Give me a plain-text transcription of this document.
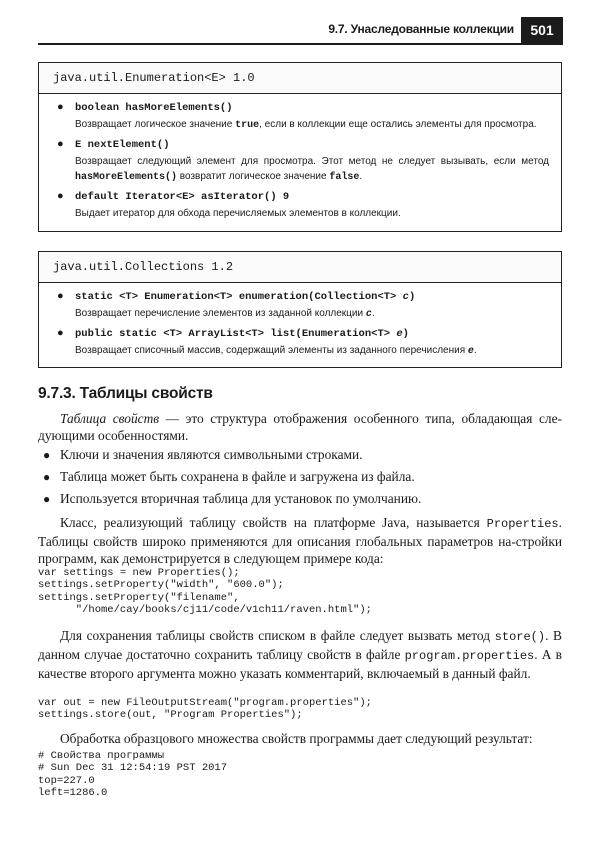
9.7. Унаследованные коллекции	501
java.util.Enumeration<E> 1.0
● boolean hasMoreElements()
Возвращает логическое значение true, если в коллекции еще остались элементы для просмотра.
● E nextElement()
Возвращает следующий элемент для просмотра. Этот метод не следует вызывать, если метод hasMoreElements() возвратит логическое значение false.
● default Iterator<E> asIterator() 9
Выдает итератор для обхода перечисляемых элементов в коллекции.
java.util.Collections 1.2
● static <T> Enumeration<T> enumeration(Collection<T> c)
Возвращает перечисление элементов из заданной коллекции с.
● public static <T> ArrayList<T> list(Enumeration<T> e)
Возвращает списочный массив, содержащий элементы из заданного перечисления e.
9.7.3. Таблицы свойств
Таблица свойств — это структура отображения особенного типа, обладающая сле-дующими особенностями.
● Ключи и значения являются символьными строками.
● Таблица может быть сохранена в файле и загружена из файла.
● Используется вторичная таблица для установок по умолчанию.
Класс, реализующий таблицу свойств на платформе Java, называется Properties. Таблицы свойств широко применяются для описания глобальных параметров на-стройки программ, как демонстрируется в следующем примере кода:
var settings = new Properties();
settings.setProperty("width", "600.0");
settings.setProperty("filename",
"/home/cay/books/cj11/code/v1ch11/raven.html");
Для сохранения таблицы свойств списком в файле следует вызвать метод store(). В данном случае достаточно сохранить таблицу свойств в файле program.properties. А в качестве второго аргумента можно указать комментарий, включаемый в данный файл.
var out = new FileOutputStream("program.properties");
settings.store(out, "Program Properties");
Обработка образцового множества свойств программы дает следующий результат:
# Свойства программы
# Sun Dec 31 12:54:19 PST 2017
top=227.0
left=1286.0
